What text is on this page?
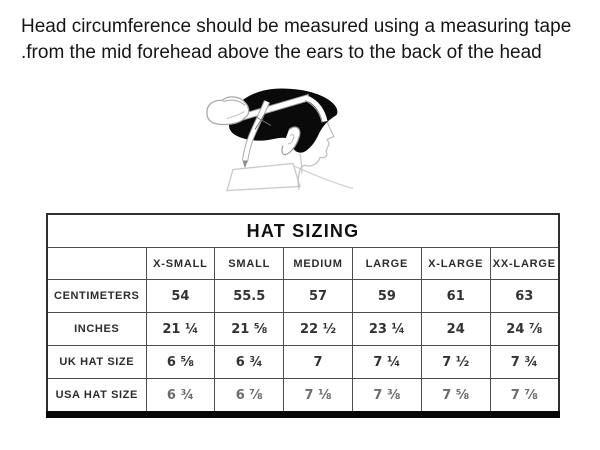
Head circumference should be measured using a measuring tape
.from the mid forehead above the ears to the back of the head
HAT SIZING						
	X-SMALL	SMALL	MEDIUM	LARGE	X-LARGE	XX-LARGE
CENTIMETERS	54	55.5	57	59	61	63
INCHES	21 ¼	21 ⅝	22 ½	23 ¼	24	24 ⅞
UK HAT SIZE	6 ⅝	6 ¾	7	7 ¼	7 ½	7 ¾
USA HAT SIZE	6 ¾	6 ⅞	7 ⅛	7 ⅜	7 ⅝	7 ⅞
